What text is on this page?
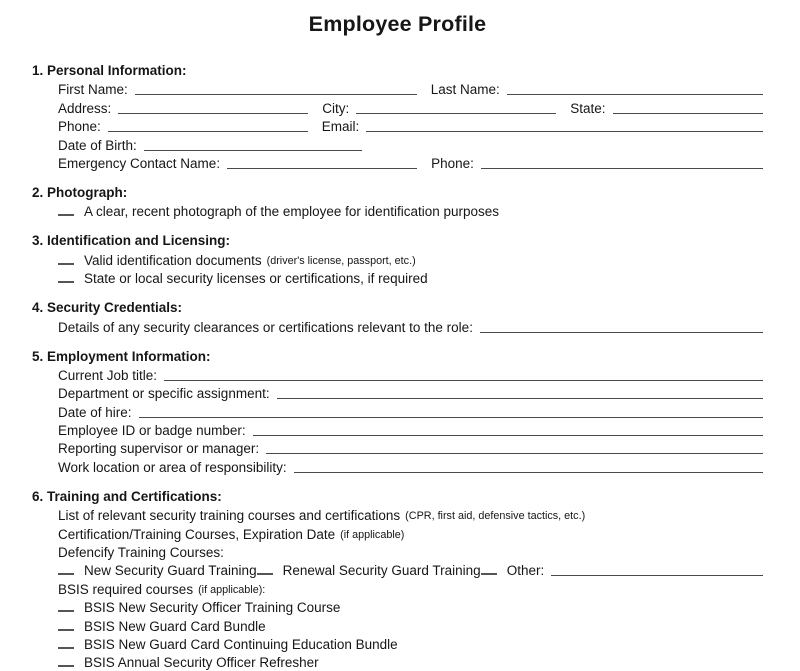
Employee Profile
1. Personal Information:
First Name:	Last Name:
Address:	City:	State:
Phone:	Email:
Date of Birth:
Emergency Contact Name:	Phone:
2. Photograph:
A clear, recent photograph of the employee for identification purposes
3. Identification and Licensing:
Valid identification documents (driver's license, passport, etc.)
State or local security licenses or certifications, if required
4. Security Credentials:
Details of any security clearances or certifications relevant to the role:
5. Employment Information:
Current Job title:
Department or specific assignment:
Date of hire:
Employee ID or badge number:
Reporting supervisor or manager:
Work location or area of responsibility:
6. Training and Certifications:
List of relevant security training courses and certifications (CPR, first aid, defensive tactics, etc.)
Certification/Training Courses, Expiration Date (if applicable)
Defencify Training Courses:
New Security Guard Training Renewal Security Guard Training Other:
BSIS required courses (if applicable):
BSIS New Security Officer Training Course
BSIS New Guard Card Bundle
BSIS New Guard Card Continuing Education Bundle
BSIS Annual Security Officer Refresher
